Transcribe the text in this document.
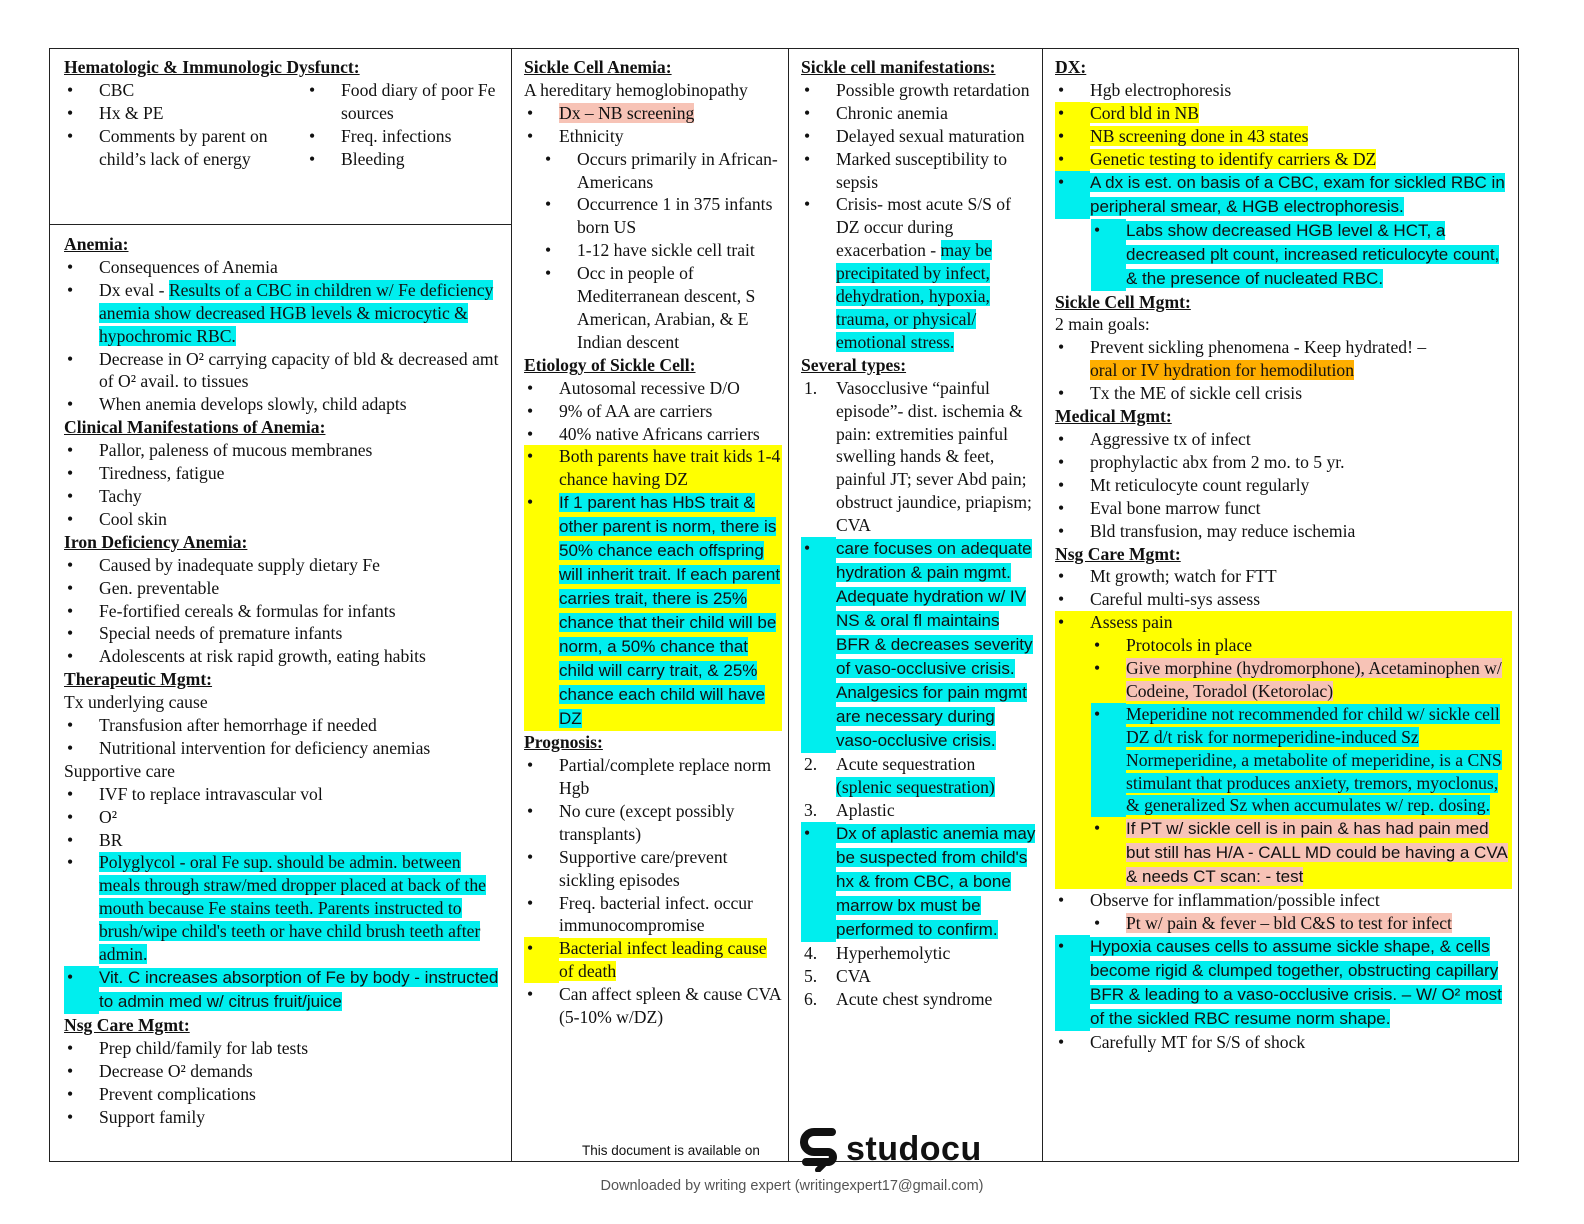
Hematologic & Immunologic Dysfunct:
•	CBC
•	Hx & PE
•	Comments by parent on child’s lack of energy
•	Food diary of poor Fe sources
•	Freq. infections
•	Bleeding
Anemia:
•	Consequences of Anemia
•	Dx eval - Results of a CBC in children w/ Fe deficiency anemia show decreased HGB levels & microcytic & hypochromic RBC.
•	Decrease in O² carrying capacity of bld & decreased amt of O² avail. to tissues
•	When anemia develops slowly, child adapts
Clinical Manifestations of Anemia:
•	Pallor, paleness of mucous membranes
•	Tiredness, fatigue
•	Tachy
•	Cool skin
Iron Deficiency Anemia:
•	Caused by inadequate supply dietary Fe
•	Gen. preventable
•	Fe-fortified cereals & formulas for infants
•	Special needs of premature infants
•	Adolescents at risk rapid growth, eating habits
Therapeutic Mgmt:
Tx underlying cause
•	Transfusion after hemorrhage if needed
•	Nutritional intervention for deficiency anemias
Supportive care
•	IVF to replace intravascular vol
•	O²
•	BR
•	Polyglycol - oral Fe sup. should be admin. between meals through straw/med dropper placed at back of the mouth because Fe stains teeth. Parents instructed to brush/wipe child's teeth or have child brush teeth after admin.
•	Vit. C increases absorption of Fe by body - instructed to admin med w/ citrus fruit/juice
Nsg Care Mgmt:
•	Prep child/family for lab tests
•	Decrease O² demands
•	Prevent complications
•	Support family
Sickle Cell Anemia:
A hereditary hemoglobinopathy
•	Dx – NB screening
•	Ethnicity
•	Occurs primarily in African-Americans
•	Occurrence 1 in 375 infants born US
•	1-12 have sickle cell trait
•	Occ in people of Mediterranean descent, S American, Arabian, & E Indian descent
Etiology of Sickle Cell:
•	Autosomal recessive D/O
•	9% of AA are carriers
•	40% native Africans carriers
•	Both parents have trait kids 1-4 chance having DZ
•	If 1 parent has HbS trait & other parent is norm, there is 50% chance each offspring will inherit trait. If each parent carries trait, there is 25% chance that their child will be norm, a 50% chance that child will carry trait, & 25% chance each child will have DZ
Prognosis:
•	Partial/complete replace norm Hgb
•	No cure (except possibly transplants)
•	Supportive care/prevent sickling episodes
•	Freq. bacterial infect. occur immunocompromise
•	Bacterial infect leading cause of death
•	Can affect spleen & cause CVA (5-10% w/DZ)
Sickle cell manifestations:
•	Possible growth retardation
•	Chronic anemia
•	Delayed sexual maturation
•	Marked susceptibility to sepsis
•	Crisis- most acute S/S of DZ occur during exacerbation - may be precipitated by infect, dehydration, hypoxia, trauma, or physical/ emotional stress.
Several types:
1.	Vasocclusive “painful episode”- dist. ischemia & pain: extremities painful swelling hands & feet, painful JT; sever Abd pain; obstruct jaundice, priapism; CVA
•	care focuses on adequate hydration & pain mgmt. Adequate hydration w/ IV NS & oral fl maintains BFR & decreases severity of vaso-occlusive crisis. Analgesics for pain mgmt are necessary during vaso-occlusive crisis.
2.	Acute sequestration
(splenic sequestration)
3.	Aplastic
•	Dx of aplastic anemia may be suspected from child's hx & from CBC, a bone marrow bx must be performed to confirm.
4.	Hyperhemolytic
5.	CVA
6.	Acute chest syndrome
DX:
•	Hgb electrophoresis
•	Cord bld in NB
•	NB screening done in 43 states
•	Genetic testing to identify carriers & DZ
•	A dx is est. on basis of a CBC, exam for sickled RBC in peripheral smear, & HGB electrophoresis.
•	Labs show decreased HGB level & HCT, a decreased plt count, increased reticulocyte count, & the presence of nucleated RBC.
Sickle Cell Mgmt:
2 main goals:
•	Prevent sickling phenomena - Keep hydrated! –
oral or IV hydration for hemodilution
•	Tx the ME of sickle cell crisis
Medical Mgmt:
•	Aggressive tx of infect
•	prophylactic abx from 2 mo. to 5 yr.
•	Mt reticulocyte count regularly
•	Eval bone marrow funct
•	Bld transfusion, may reduce ischemia
Nsg Care Mgmt:
•	Mt growth; watch for FTT
•	Careful multi-sys assess
•	Assess pain
•	Protocols in place
•	Give morphine (hydromorphone), Acetaminophen w/ Codeine, Toradol (Ketorolac)
•	Meperidine not recommended for child w/ sickle cell DZ d/t risk for normeperidine-induced Sz Normeperidine, a metabolite of meperidine, is a CNS stimulant that produces anxiety, tremors, myoclonus, & generalized Sz when accumulates w/ rep. dosing.
•	If PT w/ sickle cell is in pain & has had pain med but still has H/A - CALL MD could be having a CVA & needs CT scan: - test
•	Observe for inflammation/possible infect
•	Pt w/ pain & fever – bld C&S to test for infect
•	Hypoxia causes cells to assume sickle shape, & cells become rigid & clumped together, obstructing capillary BFR & leading to a vaso-occlusive crisis. – W/ O² most of the sickled RBC resume norm shape.
•	Carefully MT for S/S of shock
This document is available on	studocu
Downloaded by writing expert (writingexpert17@gmail.com)
